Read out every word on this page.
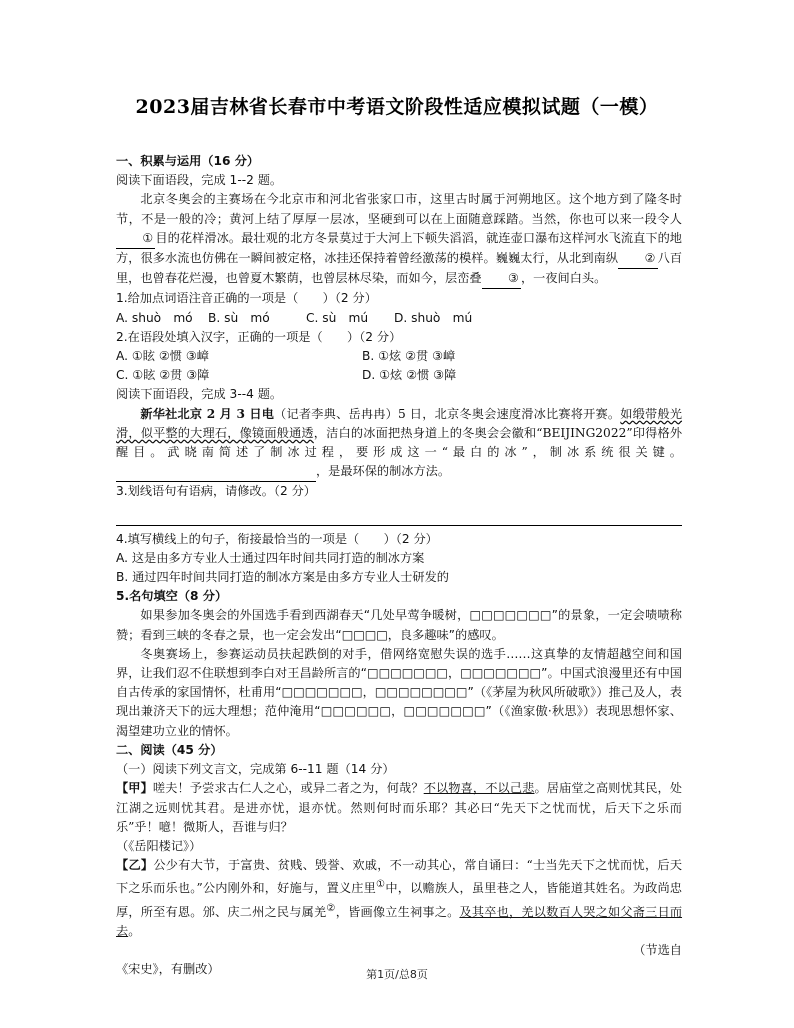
2023届吉林省长春市中考语文阶段性适应模拟试题（一模）

一、积累与运用（16 分）

阅读下面语段，完成 1--2 题。

北京冬奥会的主赛场在今北京市和河北省张家口市，这里古时属于河朔地区。这个地方到了隆冬时节，不是一般的冷；黄河上结了厚厚一层冰，坚硬到可以在上面随意踩踏。当然，你也可以来一段令人① 目的花样滑冰。最壮观的北方冬景莫过于大河上下顿失滔滔，就连壶口瀑布这样河水飞流直下的地方，很多水流也仿佛在一瞬间被定格，冰挂还保持着曾经激荡的模样。巍巍太行，从北到南纵 ② 八百里，也曾春花烂漫，也曾夏木繁荫，也曾层林尽染，而如今，层峦叠 ③ ，一夜间白头。

1.给加点词语注音正确的一项是（　　）（2 分）

A. shuò　mó B. sù　mó	C. sù　mú D. shuò　mú

2.在语段处填入汉字，正确的一项是（　　）（2 分）

A. ①眩 ②惯 ③嶂	B. ①炫 ②贯 ③嶂

C. ①眩 ②贯 ③障	D. ①炫 ②惯 ③障

阅读下面语段，完成 3--4 题。

新华社北京 2 月 3 日电（记者李典、岳冉冉）5 日，北京冬奥会速度滑冰比赛将开赛。如缎带般光滑，似平整的大理石，像镜面般通透，洁白的冰面把热身道上的冬奥会会徽和“BEIJING2022”印得格外醒目。武晓南简述了制冰过程，要形成这一“最白的冰”，制冰系统很关键。 ，是最环保的制冰方法。

3.划线语句有语病，请修改。（2 分）

4.填写横线上的句子，衔接最恰当的一项是（　　）（2 分）

A. 这是由多方专业人士通过四年时间共同打造的制冰方案

B. 通过四年时间共同打造的制冰方案是由多方专业人士研发的

5.名句填空（8 分）

如果参加冬奥会的外国选手看到西湖春天“几处早莺争暖树，□□□□□□□”的景象，一定会啧啧称赞；看到三峡的冬春之景，也一定会发出“□□□□，良多趣味”的感叹。

冬奥赛场上，参赛运动员扶起跌倒的对手，借网络宽慰失误的选手……这真挚的友情超越空间和国界，让我们忍不住联想到李白对王昌龄所言的“□□□□□□□，□□□□□□□”。中国式浪漫里还有中国自古传承的家国情怀，杜甫用“□□□□□□□，□□□□□□□□”（《茅屋为秋风所破歌》）推己及人，表现出兼济天下的远大理想；范仲淹用“□□□□□□，□□□□□□□”（《渔家傲·秋思》）表现思想怀家、渴望建功立业的情怀。

二、阅读（45 分）

（一）阅读下列文言文，完成第 6--11 题（14 分）

【甲】嗟夫！予尝求古仁人之心，或异二者之为，何哉？不以物喜，不以己悲。居庙堂之高则忧其民，处江湖之远则忧其君。是进亦忧，退亦忧。然则何时而乐耶？其必曰“先天下之忧而忧，后天下之乐而乐”乎！噫！微斯人，吾谁与归？

（《岳阳楼记》）

【乙】公少有大节，于富贵、贫贱、毁誉、欢戚，不一动其心，常自诵曰：“士当先天下之忧而忧，后天下之乐而乐也。”公内刚外和，好施与，置义庄里①中，以赡族人，虽里巷之人，皆能道其姓名。为政尚忠厚，所至有恩。邠、庆二州之民与属羌②，皆画像立生祠事之。及其卒也，羌以数百人哭之如父斋三日而去。

（节选自

《宋史》，有删改）	第1页/总8页
